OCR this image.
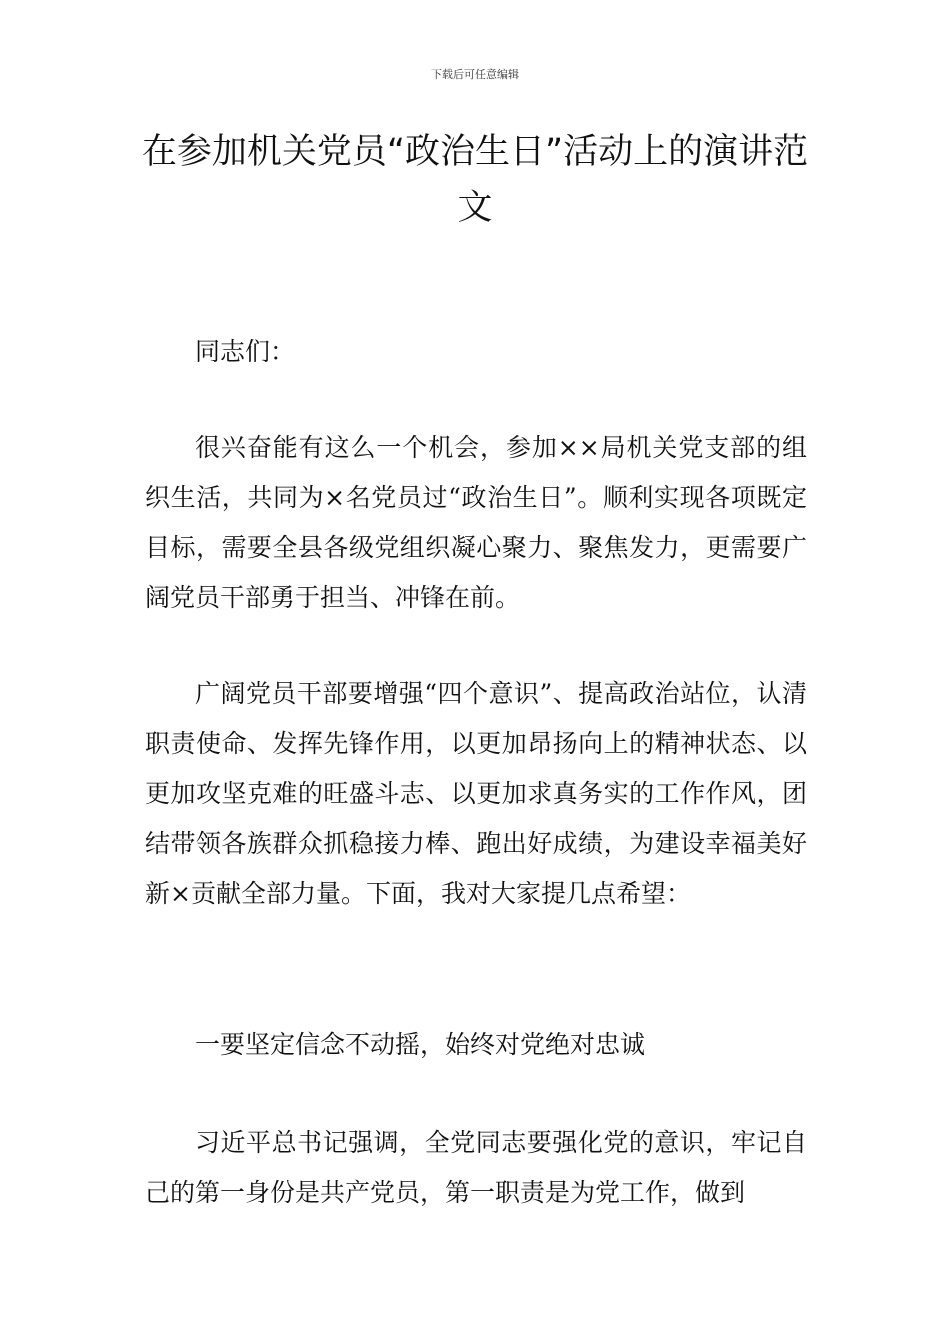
下载后可任意编辑
在参加机关党员“政治生日”活动上的演讲范文

同志们：

很兴奋能有这么一个机会，参加××局机关党支部的组织生活，共同为×名党员过“政治生日”。顺利实现各项既定目标，需要全县各级党组织凝心聚力、聚焦发力，更需要广阔党员干部勇于担当、冲锋在前。

广阔党员干部要增强“四个意识”、提高政治站位，认清职责使命、发挥先锋作用，以更加昂扬向上的精神状态、以更加攻坚克难的旺盛斗志、以更加求真务实的工作作风，团结带领各族群众抓稳接力棒、跑出好成绩，为建设幸福美好新×贡献全部力量。下面，我对大家提几点希望：

一要坚定信念不动摇，始终对党绝对忠诚

习近平总书记强调，全党同志要强化党的意识，牢记自己的第一身份是共产党员，第一职责是为党工作，做到
